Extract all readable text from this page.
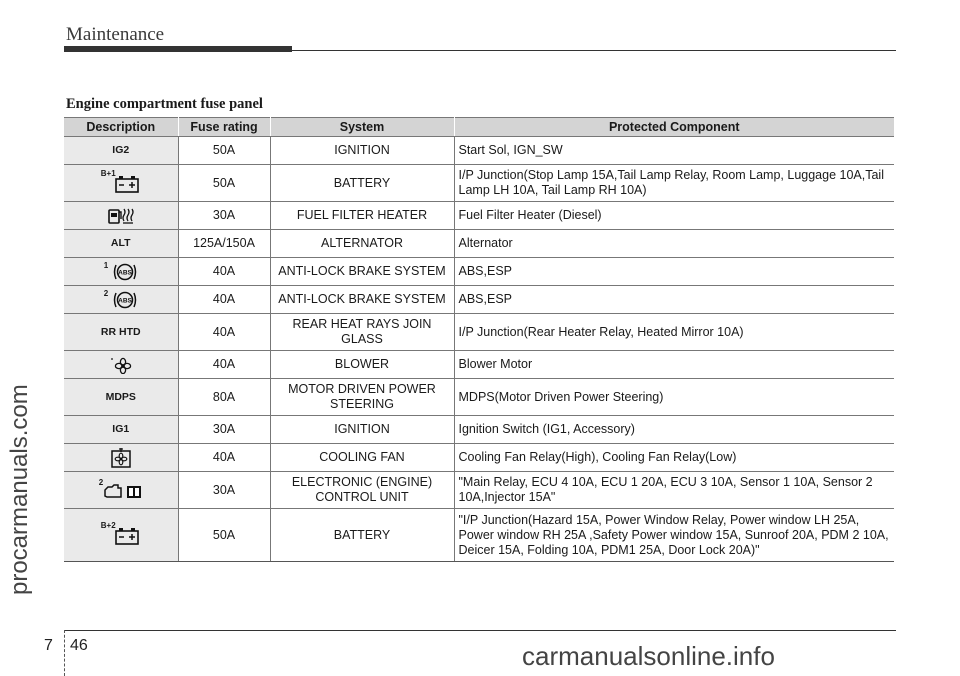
Maintenance
procarmanuals.com
Engine compartment fuse panel
Description	Fuse rating	System	Protected Component
IG2	50A	IGNITION	Start Sol, IGN_SW

B+1	50A	BATTERY	I/P Junction(Stop Lamp 15A,Tail Lamp Relay, Room Lamp, Luggage 10A,Tail Lamp LH 10A, Tail Lamp RH 10A)

	30A	FUEL FILTER HEATER	Fuel Filter Heater (Diesel)
ALT	125A/150A	ALTERNATOR	Alternator

1
ABS	40A	ANTI-LOCK BRAKE SYSTEM	ABS,ESP

2
ABS	40A	ANTI-LOCK BRAKE SYSTEM	ABS,ESP
RR HTD	40A	REAR HEAT RAYS JOIN GLASS	I/P Junction(Rear Heater Relay, Heated Mirror 10A)

	40A	BLOWER	Blower Motor
MDPS	80A	MOTOR DRIVEN POWER STEERING	MDPS(Motor Driven Power Steering)
IG1	30A	IGNITION	Ignition Switch (IG1, Accessory)

	40A	COOLING FAN	Cooling Fan Relay(High), Cooling Fan Relay(Low)

2	30A	ELECTRONIC (ENGINE) CONTROL UNIT	"Main Relay, ECU 4 10A, ECU 1 20A, ECU 3 10A, Sensor 1 10A, Sensor 2 10A,Injector 15A"

B+2	50A	BATTERY	"I/P Junction(Hazard 15A, Power Window Relay, Power window LH 25A, Power window RH 25A ,Safety Power window 15A, Sunroof 20A, PDM 2 10A, Deicer 15A, Folding 10A, PDM1 25A, Door Lock 20A)"
7 46	carmanualsonline.info
